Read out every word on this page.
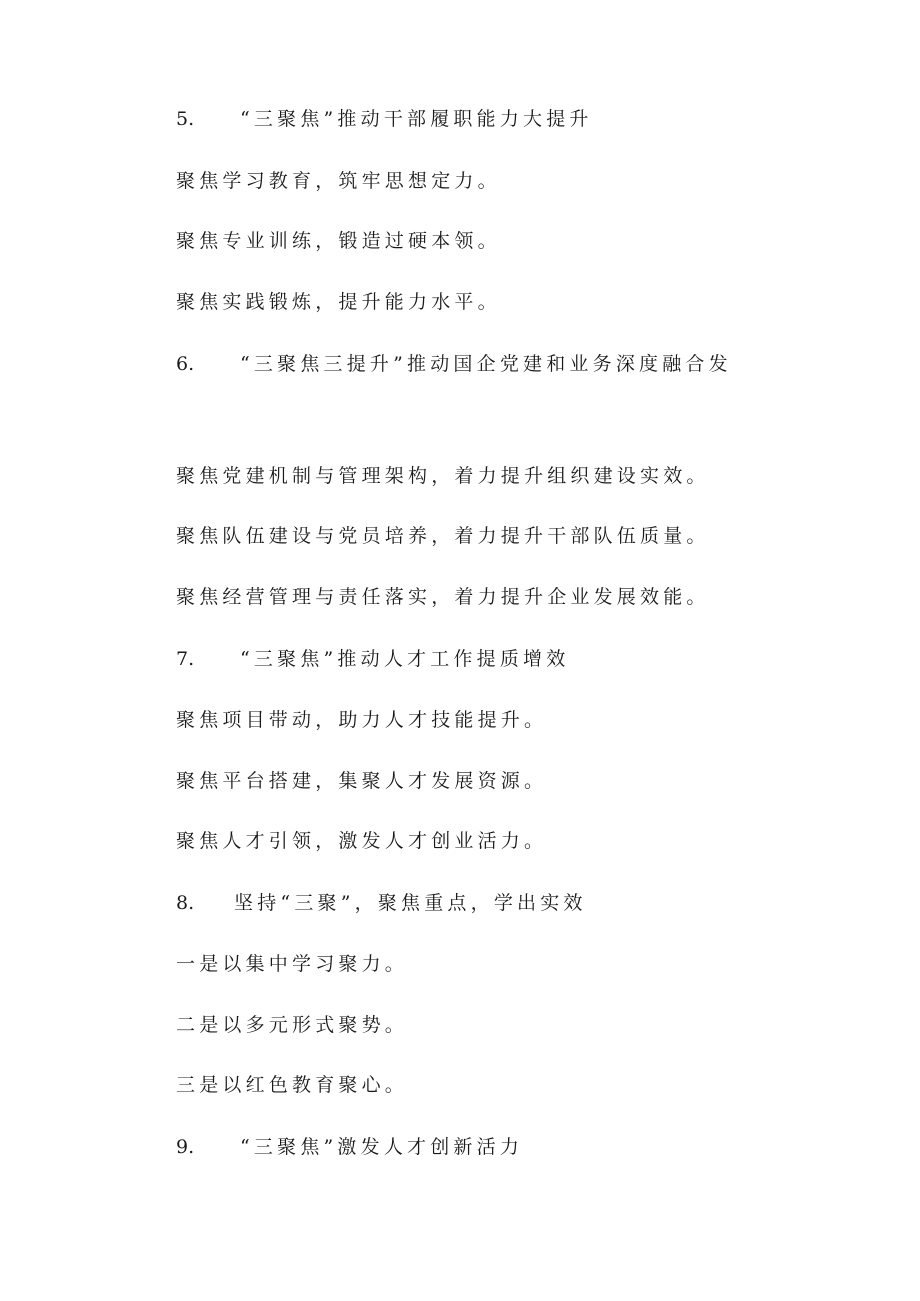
5. “三聚焦”推动干部履职能力大提升
聚焦学习教育，筑牢思想定力。
聚焦专业训练，锻造过硬本领。
聚焦实践锻炼，提升能力水平。
6. “三聚焦三提升”推动国企党建和业务深度融合发
聚焦党建机制与管理架构，着力提升组织建设实效。
聚焦队伍建设与党员培养，着力提升干部队伍质量。
聚焦经营管理与责任落实，着力提升企业发展效能。
7. “三聚焦”推动人才工作提质增效
聚焦项目带动，助力人才技能提升。
聚焦平台搭建，集聚人才发展资源。
聚焦人才引领，激发人才创业活力。
8. 坚持“三聚”，聚焦重点，学出实效
一是以集中学习聚力。
二是以多元形式聚势。
三是以红色教育聚心。
9. “三聚焦”激发人才创新活力
